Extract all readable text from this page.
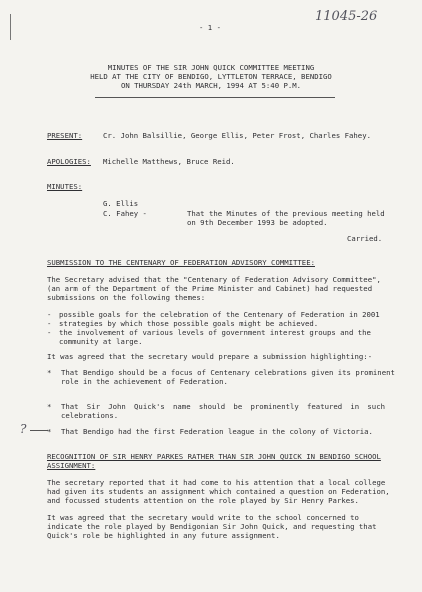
11045-26
- 1 -
MINUTES OF THE SIR JOHN QUICK COMMITTEE MEETING
HELD AT THE CITY OF BENDIGO, LYTTLETON TERRACE, BENDIGO
ON THURSDAY 24th MARCH, 1994 AT 5:40 P.M.
PRESENT:	Cr. John Balsillie, George Ellis, Peter Frost, Charles Fahey.
APOLOGIES: Michelle Matthews, Bruce Reid.
MINUTES:
G. Ellis
C. Fahey -	That the Minutes of the previous meeting held
on 9th December 1993 be adopted.
Carried.
SUBMISSION TO THE CENTENARY OF FEDERATION ADVISORY COMMITTEE:
The Secretary advised that the "Centenary of Federation Advisory Committee",
(an arm of the Department of the Prime Minister and Cabinet) had requested
submissions on the following themes:
- possible goals for the celebration of the Centenary of Federation in 2001
- strategies by which those possible goals might be achieved.
- the involvement of various levels of government interest groups and the
community at large.
It was agreed that the secretary would prepare a submission highlighting:-
* That Bendigo should be a focus of Centenary celebrations given its prominent
role in the achievement of Federation.
* That Sir John Quick's name should be prominently featured in such
celebrations.
?	* That Bendigo had the first Federation league in the colony of Victoria.
RECOGNITION OF SIR HENRY PARKES RATHER THAN SIR JOHN QUICK IN BENDIGO SCHOOL
ASSIGNMENT:
The secretary reported that it had come to his attention that a local college
had given its students an assignment which contained a question on Federation,
and focussed students attention on the role played by Sir Henry Parkes.
It was agreed that the secretary would write to the school concerned to
indicate the role played by Bendigonian Sir John Quick, and requesting that
Quick's role be highlighted in any future assignment.
